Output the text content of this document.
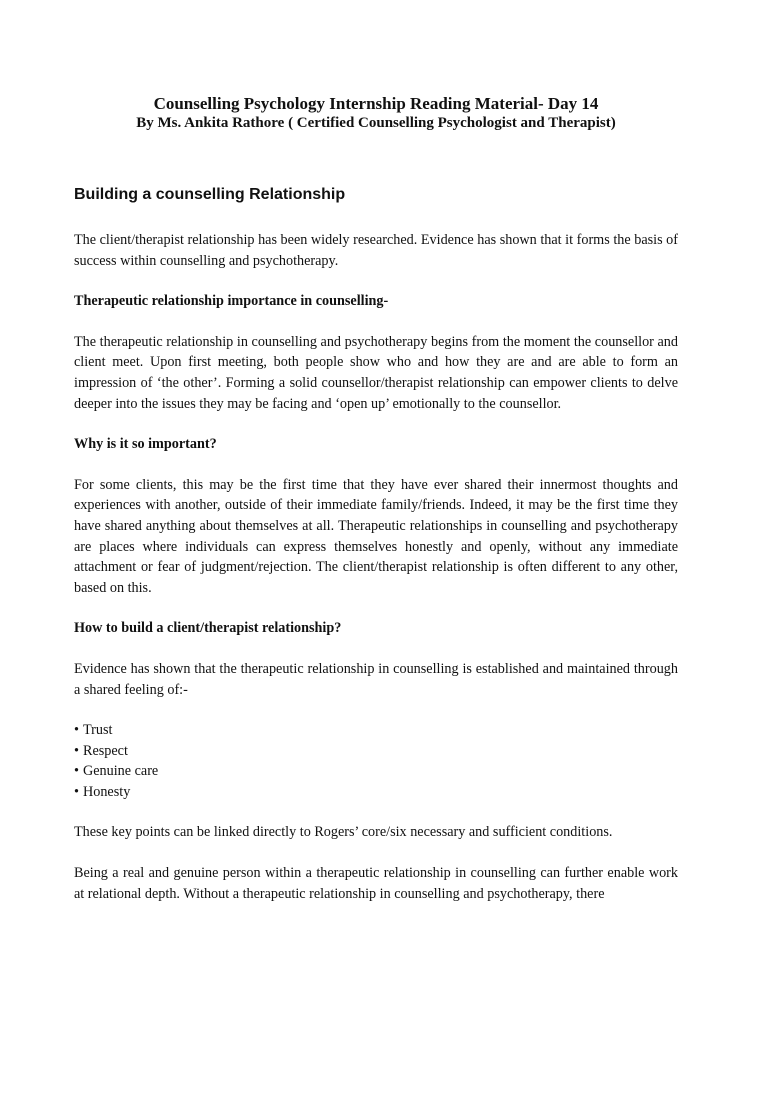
Counselling Psychology Internship Reading Material- Day 14
By Ms. Ankita Rathore ( Certified Counselling Psychologist and Therapist)
Building a counselling Relationship

The client/therapist relationship has been widely researched. Evidence has shown that it forms the basis of success within counselling and psychotherapy.

Therapeutic relationship importance in counselling-

The therapeutic relationship in counselling and psychotherapy begins from the moment the counsellor and client meet. Upon first meeting, both people show who and how they are and are able to form an impression of ‘the other’. Forming a solid counsellor/therapist relationship can empower clients to delve deeper into the issues they may be facing and ‘open up’ emotionally to the counsellor.

Why is it so important?

For some clients, this may be the first time that they have ever shared their innermost thoughts and experiences with another, outside of their immediate family/friends. Indeed, it may be the first time they have shared anything about themselves at all. Therapeutic relationships in counselling and psychotherapy are places where individuals can express themselves honestly and openly, without any immediate attachment or fear of judgment/rejection. The client/therapist relationship is often different to any other, based on this.

How to build a client/therapist relationship?

Evidence has shown that the therapeutic relationship in counselling is established and maintained through a shared feeling of:-

• Trust
• Respect
• Genuine care
• Honesty

These key points can be linked directly to Rogers’ core/six necessary and sufficient conditions.

Being a real and genuine person within a therapeutic relationship in counselling can further enable work at relational depth. Without a therapeutic relationship in counselling and psychotherapy, there
